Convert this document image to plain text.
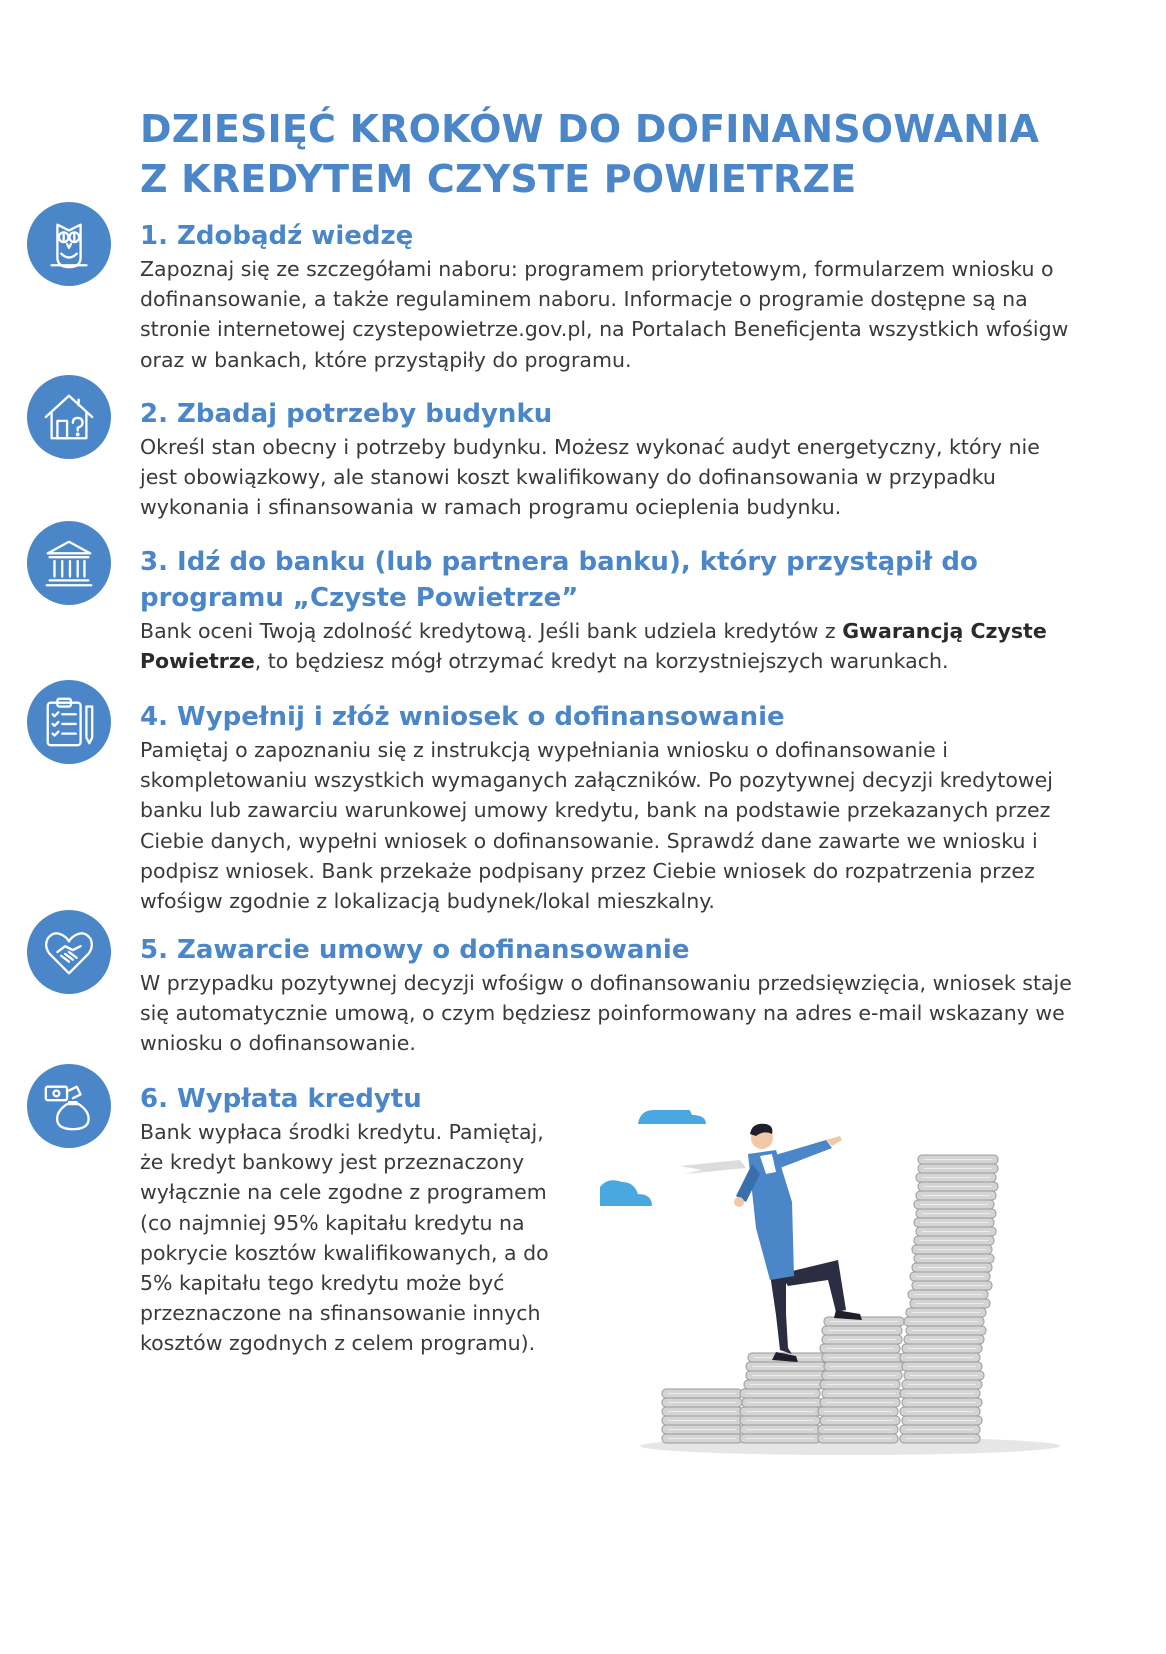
DZIESIĘĆ KROKÓW DO DOFINANSOWANIA
Z KREDYTEM CZYSTE POWIETRZE
1. Zdobądź wiedzę

Zapoznaj się ze szczegółami naboru: programem priorytetowym, formularzem wniosku o dofinansowanie, a także regulaminem naboru. Informacje o programie dostępne są na stronie internetowej czystepowietrze.gov.pl, na Portalach Beneficjenta wszystkich wfośigw oraz w bankach, które przystąpiły do programu.

2. Zbadaj potrzeby budynku

Określ stan obecny i potrzeby budynku. Możesz wykonać audyt energetyczny, który nie jest obowiązkowy, ale stanowi koszt kwalifikowany do dofinansowania w przypadku wykonania i sfinansowania w ramach programu ocieplenia budynku.

3. Idź do banku (lub partnera banku), który przystąpił do programu „Czyste Powietrze”

Bank oceni Twoją zdolność kredytową. Jeśli bank udziela kredytów z Gwarancją Czyste Powietrze, to będziesz mógł otrzymać kredyt na korzystniejszych warunkach.

4. Wypełnij i złóż wniosek o dofinansowanie

Pamiętaj o zapoznaniu się z instrukcją wypełniania wniosku o dofinansowanie i skompletowaniu wszystkich wymaganych załączników. Po pozytywnej decyzji kredytowej banku lub zawarciu warunkowej umowy kredytu, bank na podstawie przekazanych przez Ciebie danych, wypełni wniosek o dofinansowanie. Sprawdź dane zawarte we wniosku i podpisz wniosek. Bank przekaże podpisany przez Ciebie wniosek do rozpatrzenia przez wfośigw zgodnie z lokalizacją budynek/lokal mieszkalny.

5. Zawarcie umowy o dofinansowanie

W przypadku pozytywnej decyzji wfośigw o dofinansowaniu przedsięwzięcia, wniosek staje się automatycznie umową, o czym będziesz poinformowany na adres e-mail wskazany we wniosku o dofinansowanie.

6. Wypłata kredytu

Bank wypłaca środki kredytu. Pamiętaj, że kredyt bankowy jest przeznaczony wyłącznie na cele zgodne z programem (co najmniej 95% kapitału kredytu na pokrycie kosztów kwalifikowanych, a do 5% kapitału tego kredytu może być przeznaczone na sfinansowanie innych kosztów zgodnych z celem programu).
